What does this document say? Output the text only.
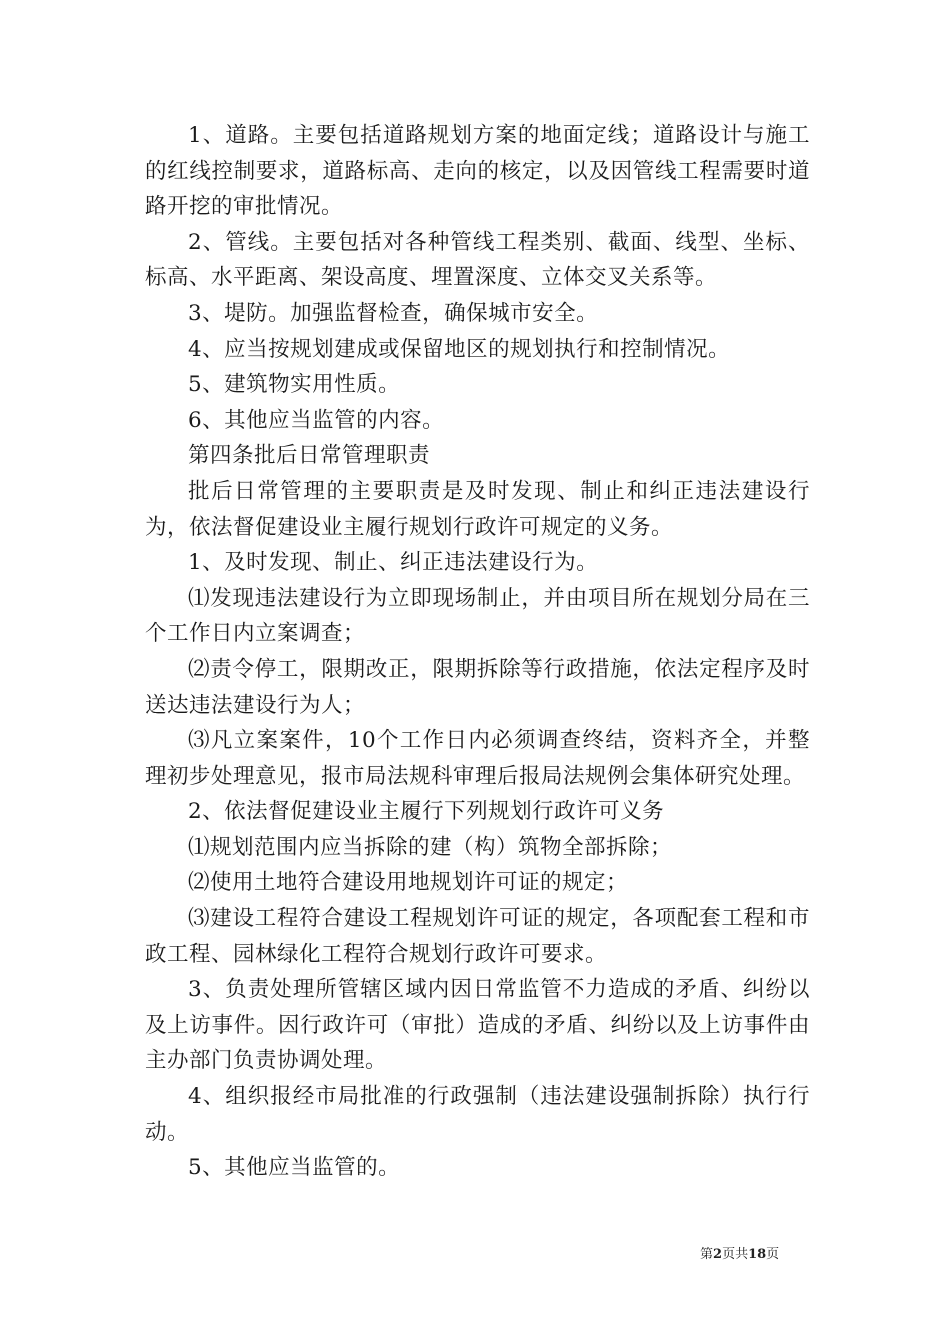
1、道路。主要包括道路规划方案的地面定线；道路设计与施工的红线控制要求，道路标高、走向的核定，以及因管线工程需要时道路开挖的审批情况。

2、管线。主要包括对各种管线工程类别、截面、线型、坐标、标高、水平距离、架设高度、埋置深度、立体交叉关系等。

3、堤防。加强监督检查，确保城市安全。

4、应当按规划建成或保留地区的规划执行和控制情况。

5、建筑物实用性质。

6、其他应当监管的内容。

第四条批后日常管理职责

批后日常管理的主要职责是及时发现、制止和纠正违法建设行为，依法督促建设业主履行规划行政许可规定的义务。

1、及时发现、制止、纠正违法建设行为。

⑴发现违法建设行为立即现场制止，并由项目所在规划分局在三个工作日内立案调查；

⑵责令停工，限期改正，限期拆除等行政措施，依法定程序及时送达违法建设行为人；

⑶凡立案案件，10个工作日内必须调查终结，资料齐全，并整理初步处理意见，报市局法规科审理后报局法规例会集体研究处理。

2、依法督促建设业主履行下列规划行政许可义务

⑴规划范围内应当拆除的建（构）筑物全部拆除；

⑵使用土地符合建设用地规划许可证的规定；

⑶建设工程符合建设工程规划许可证的规定，各项配套工程和市政工程、园林绿化工程符合规划行政许可要求。

3、负责处理所管辖区域内因日常监管不力造成的矛盾、纠纷以及上访事件。因行政许可（审批）造成的矛盾、纠纷以及上访事件由主办部门负责协调处理。

4、组织报经市局批准的行政强制（违法建设强制拆除）执行行动。

5、其他应当监管的。

第2页共18页
